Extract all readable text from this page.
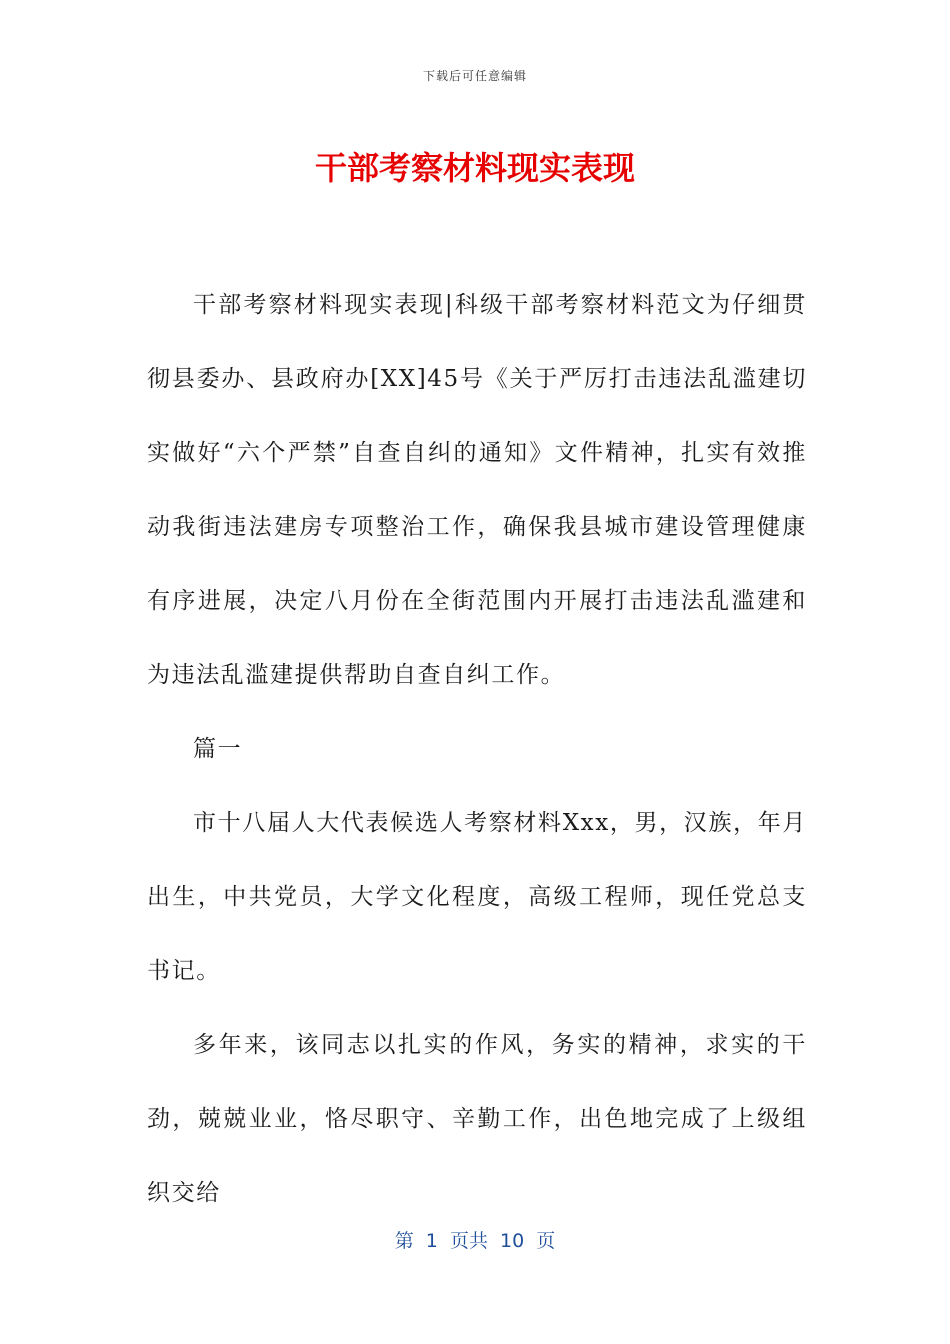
下载后可任意编辑
干部考察材料现实表现

干部考察材料现实表现|科级干部考察材料范文为仔细贯彻县委办、县政府办[XX]45号《关于严厉打击违法乱滥建切实做好“六个严禁”自查自纠的通知》文件精神，扎实有效推动我街违法建房专项整治工作，确保我县城市建设管理健康有序进展，决定八月份在全街范围内开展打击违法乱滥建和为违法乱滥建提供帮助自查自纠工作。

篇一

市十八届人大代表候选人考察材料Xxx，男，汉族，年月出生，中共党员，大学文化程度，高级工程师，现任党总支书记。

多年来，该同志以扎实的作风，务实的精神，求实的干劲，兢兢业业，恪尽职守、辛勤工作，出色地完成了上级组织交给

第  1  页共  10  页
